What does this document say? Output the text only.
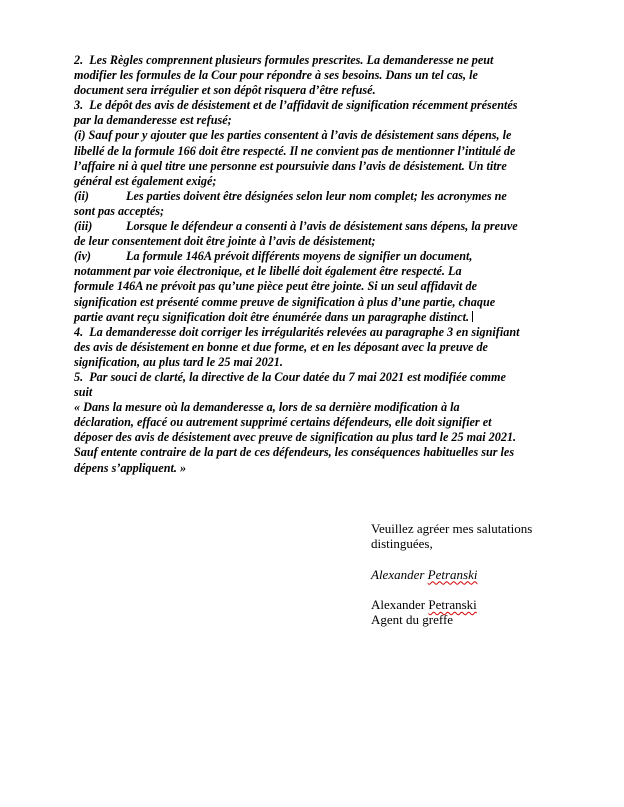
2.  Les Règles comprennent plusieurs formules prescrites. La demanderesse ne peut
modifier les formules de la Cour pour répondre à ses besoins. Dans un tel cas, le
document sera irrégulier et son dépôt risquera d’être refusé.
3.  Le dépôt des avis de désistement et de l’affidavit de signification récemment présentés
par la demanderesse est refusé;
(i) Sauf pour y ajouter que les parties consentent à l’avis de désistement sans dépens, le
libellé de la formule 166 doit être respecté. Il ne convient pas de mentionner l’intitulé de
l’affaire ni à quel titre une personne est poursuivie dans l’avis de désistement. Un titre
général est également exigé;
(ii)	Les parties doivent être désignées selon leur nom complet; les acronymes ne
sont pas acceptés;
(iii)	Lorsque le défendeur a consenti à l’avis de désistement sans dépens, la preuve
de leur consentement doit être jointe à l’avis de désistement;
(iv)	La formule 146A prévoit différents moyens de signifier un document,
notamment par voie électronique, et le libellé doit également être respecté. La
formule 146A ne prévoit pas qu’une pièce peut être jointe. Si un seul affidavit de
signification est présenté comme preuve de signification à plus d’une partie, chaque
partie avant reçu signification doit être énumérée dans un paragraphe distinct.
4.  La demanderesse doit corriger les irrégularités relevées au paragraphe 3 en signifiant
des avis de désistement en bonne et due forme, et en les déposant avec la preuve de
signification, au plus tard le 25 mai 2021.
5.  Par souci de clarté, la directive de la Cour datée du 7 mai 2021 est modifiée comme
suit
« Dans la mesure où la demanderesse a, lors de sa dernière modification à la
déclaration, effacé ou autrement supprimé certains défendeurs, elle doit signifier et
déposer des avis de désistement avec preuve de signification au plus tard le 25 mai 2021.
Sauf entente contraire de la part de ces défendeurs, les conséquences habituelles sur les
dépens s’appliquent. »
Veuillez agréer mes salutations
distinguées,
Alexander Petranski
Alexander Petranski
Agent du greffe
